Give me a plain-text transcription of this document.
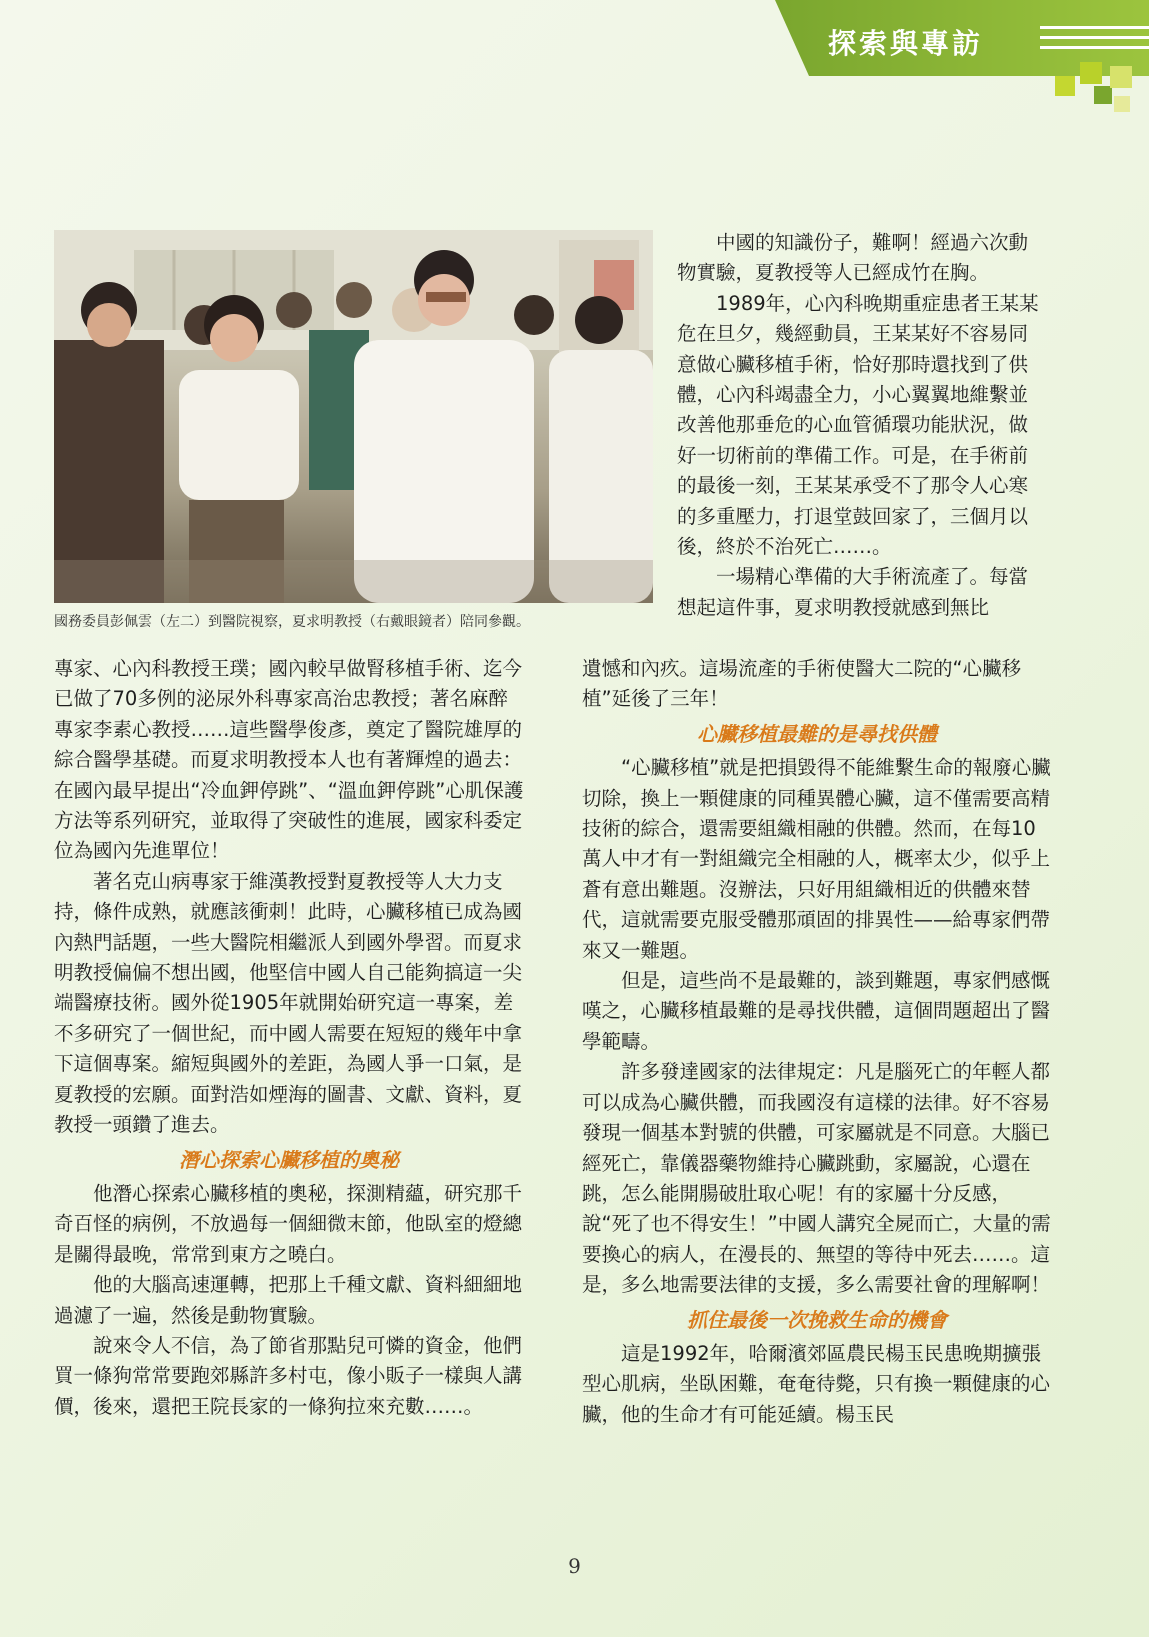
探索與專訪
國務委員彭佩雲（左二）到醫院視察，夏求明教授（右戴眼鏡者）陪同參觀。

專家、心內科教授王璞；國內較早做腎移植手術、迄今已做了70多例的泌尿外科專家高治忠教授；著名麻醉專家李素心教授……這些醫學俊彥，奠定了醫院雄厚的綜合醫學基礎。而夏求明教授本人也有著輝煌的過去：在國內最早提出“冷血鉀停跳”、“溫血鉀停跳”心肌保護方法等系列研究，並取得了突破性的進展，國家科委定位為國內先進單位！

著名克山病專家于維漢教授對夏教授等人大力支持，條件成熟，就應該衝刺！此時，心臟移植已成為國內熱門話題，一些大醫院相繼派人到國外學習。而夏求明教授偏偏不想出國，他堅信中國人自己能夠搞這一尖端醫療技術。國外從1905年就開始研究這一專案，差不多研究了一個世紀，而中國人需要在短短的幾年中拿下這個專案。縮短與國外的差距，為國人爭一口氣，是夏教授的宏願。面對浩如煙海的圖書、文獻、資料，夏教授一頭鑽了進去。

潛心探索心臟移植的奧秘

他潛心探索心臟移植的奧秘，探測精蘊，研究那千奇百怪的病例，不放過每一個細微末節，他臥室的燈總是關得最晚，常常到東方之曉白。

他的大腦高速運轉，把那上千種文獻、資料細細地過濾了一遍，然後是動物實驗。

說來令人不信，為了節省那點兒可憐的資金，他們買一條狗常常要跑郊縣許多村屯，像小販子一樣與人講價，後來，還把王院長家的一條狗拉來充數……。

中國的知識份子，難啊！經過六次動物實驗，夏教授等人已經成竹在胸。

1989年，心內科晚期重症患者王某某危在旦夕，幾經動員，王某某好不容易同意做心臟移植手術，恰好那時還找到了供體，心內科竭盡全力，小心翼翼地維繫並改善他那垂危的心血管循環功能狀況，做好一切術前的準備工作。可是，在手術前的最後一刻，王某某承受不了那令人心寒的多重壓力，打退堂鼓回家了，三個月以後，終於不治死亡……。

一場精心準備的大手術流產了。每當想起這件事，夏求明教授就感到無比

遺憾和內疚。這場流產的手術使醫大二院的“心臟移植”延後了三年！

心臟移植最難的是尋找供體

“心臟移植”就是把損毀得不能維繫生命的報廢心臟切除，換上一顆健康的同種異體心臟，這不僅需要高精技術的綜合，還需要組織相融的供體。然而，在每10萬人中才有一對組織完全相融的人，概率太少，似乎上蒼有意出難題。沒辦法，只好用組織相近的供體來替代，這就需要克服受體那頑固的排異性——給專家們帶來又一難題。

但是，這些尚不是最難的，談到難題，專家們感慨嘆之，心臟移植最難的是尋找供體，這個問題超出了醫學範疇。

許多發達國家的法律規定：凡是腦死亡的年輕人都可以成為心臟供體，而我國沒有這樣的法律。好不容易發現一個基本對號的供體，可家屬就是不同意。大腦已經死亡，靠儀器藥物維持心臟跳動，家屬說，心還在跳，怎么能開腸破肚取心呢！有的家屬十分反感，說“死了也不得安生！”中國人講究全屍而亡，大量的需要換心的病人，在漫長的、無望的等待中死去……。這是，多么地需要法律的支援，多么需要社會的理解啊！

抓住最後一次挽救生命的機會

這是1992年，哈爾濱郊區農民楊玉民患晚期擴張型心肌病，坐臥困難，奄奄待斃，只有換一顆健康的心臟，他的生命才有可能延續。楊玉民

9
